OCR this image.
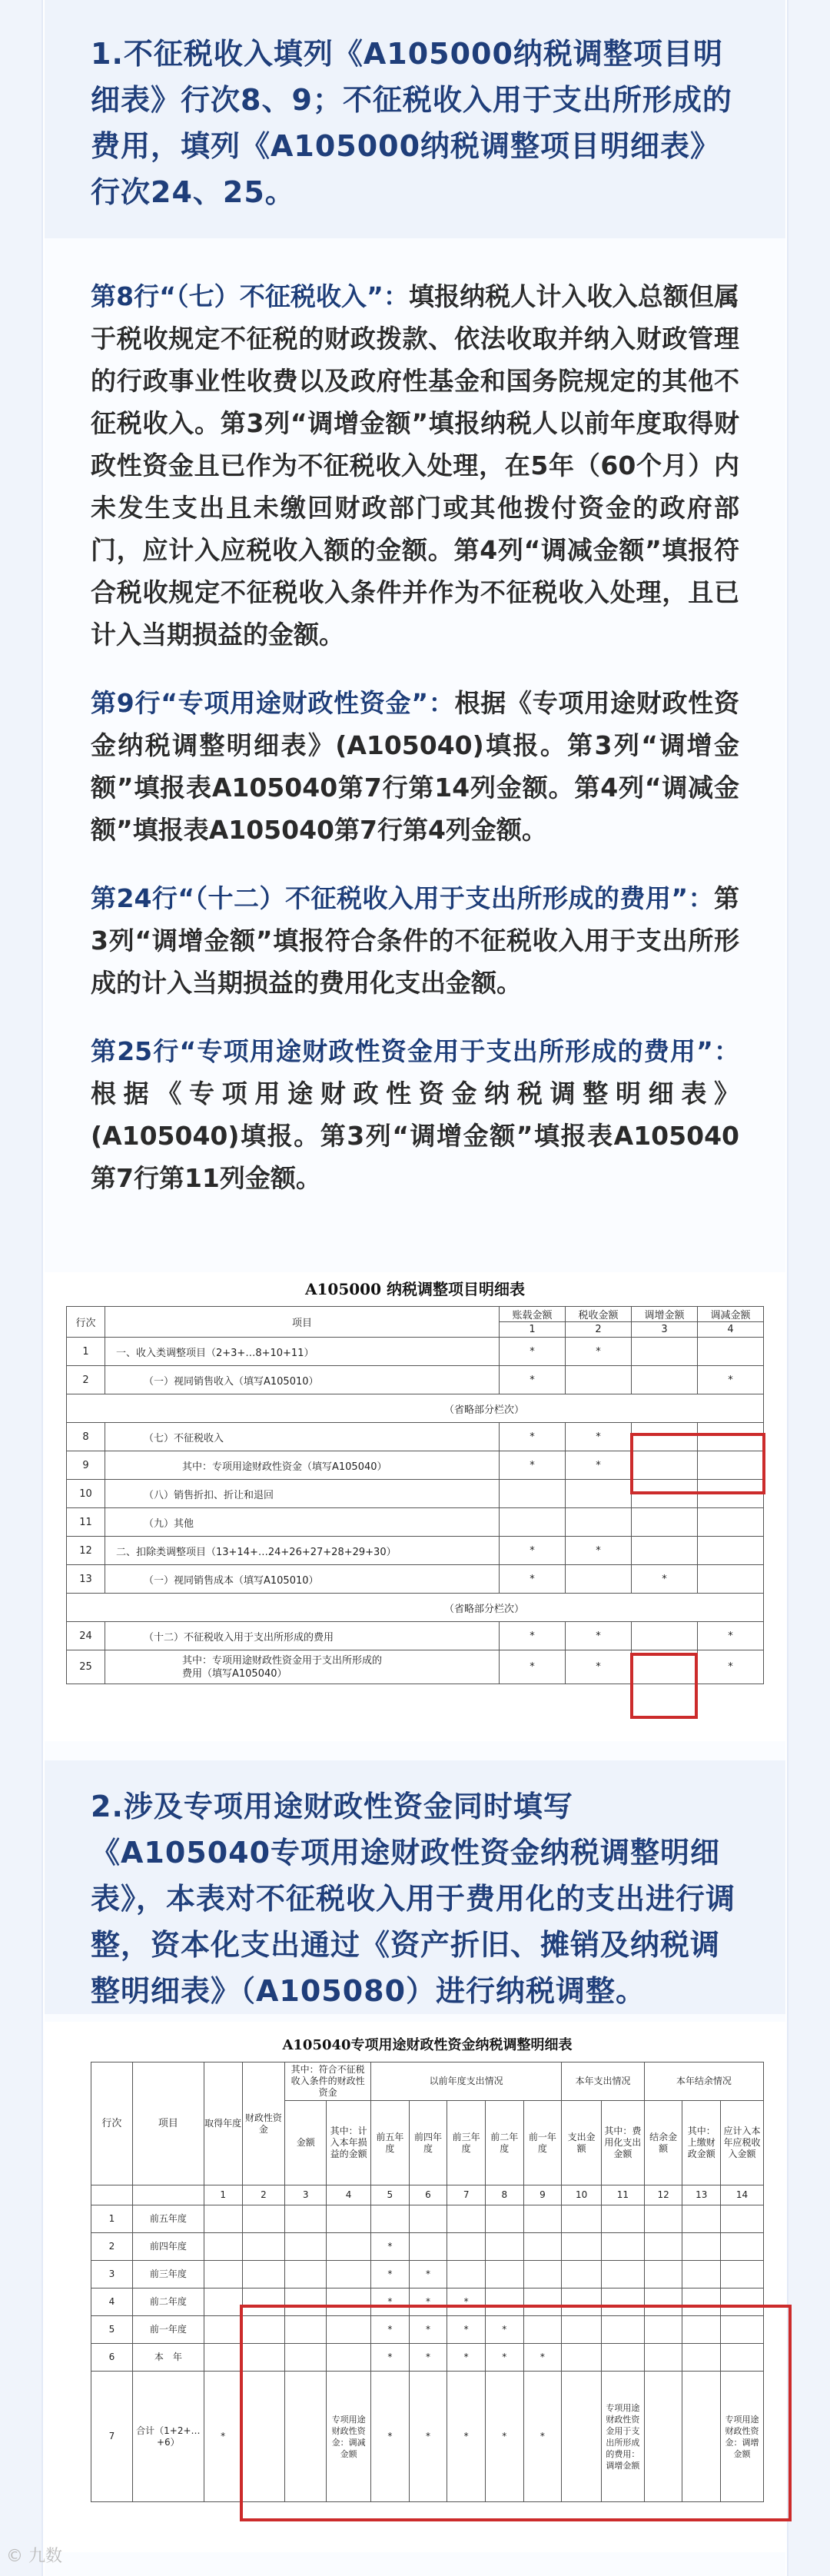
1.不征税收入填列《A105000纳税调整项目明细表》行次8、9；不征税收入用于支出所形成的费用，填列《A105000纳税调整项目明细表》行次24、25。
第8行“（七）不征税收入”：填报纳税人计入收入总额但属于税收规定不征税的财政拨款、依法收取并纳入财政管理的行政事业性收费以及政府性基金和国务院规定的其他不征税收入。第3列“调增金额”填报纳税人以前年度取得财政性资金且已作为不征税收入处理，在5年（60个月）内未发生支出且未缴回财政部门或其他拨付资金的政府部门，应计入应税收入额的金额。第4列“调减金额”填报符合税收规定不征税收入条件并作为不征税收入处理，且已计入当期损益的金额。
第9行“专项用途财政性资金”：根据《专项用途财政性资金纳税调整明细表》(A105040)填报。第3列“调增金额”填报表A105040第7行第14列金额。第4列“调减金额”填报表A105040第7行第4列金额。
第24行“（十二）不征税收入用于支出所形成的费用”：第3列“调增金额”填报符合条件的不征税收入用于支出所形成的计入当期损益的费用化支出金额。
第25行“专项用途财政性资金用于支出所形成的费用”：根据《专项用途财政性资金纳税调整明细表》(A105040)填报。第3列“调增金额”填报表A105040第7行第11列金额。
A105000 纳税调整项目明细表
行次	项目	账载金额	税收金额	调增金额	调减金额
		1	2	3	4
1	一、收入类调整项目（2+3+…8+10+11）	*	*		
2	（一）视同销售收入（填写A105010）	*			*
（省略部分栏次）					
8	（七）不征税收入	*	*		
9	其中：专项用途财政性资金（填写A105040）	*	*		
10	（八）销售折扣、折让和退回				
11	（九）其他				
12	二、扣除类调整项目（13+14+…24+26+27+28+29+30）	*	*		
13	（一）视同销售成本（填写A105010）	*		*	
（省略部分栏次）					
24	（十二）不征税收入用于支出所形成的费用	*	*		*
25	其中：专项用途财政性资金用于支出所形成的费用（填写A105040）	*	*		*
2.涉及专项用途财政性资金同时填写《A105040专项用途财政性资金纳税调整明细表》，本表对不征税收入用于费用化的支出进行调整，资本化支出通过《资产折旧、摊销及纳税调整明细表》（A105080）进行纳税调整。
A105040专项用途财政性资金纳税调整明细表
行次	项目	取得年度	财政性资金	其中：符合不征税收入条件的财政性资金		以前年度支出情况					本年支出情况		本年结余情况		
				金额	其中：计入本年损益的金额	前五年度	前四年度	前三年度	前二年度	前一年度	支出金额	其中：费用化支出金额	结余金额	其中：上缴财政金额	应计入本年应税收入金额

		1	2	3	4	5	6	7	8	9	10	11	12	13	14
1	前五年度														
2	前四年度					*									
3	前三年度					*	*								
4	前二年度					*	*	*							
5	前一年度					*	*	*	*						
6	本　年					*	*	*	*	*					
7	合计（1+2+…+6）	*			专项用途财政性资金：调减金额	*	*	*	*	*		专项用途财政性资金用于支出所形成的费用：调增金额			专项用途财政性资金：调增金额
© 九数
